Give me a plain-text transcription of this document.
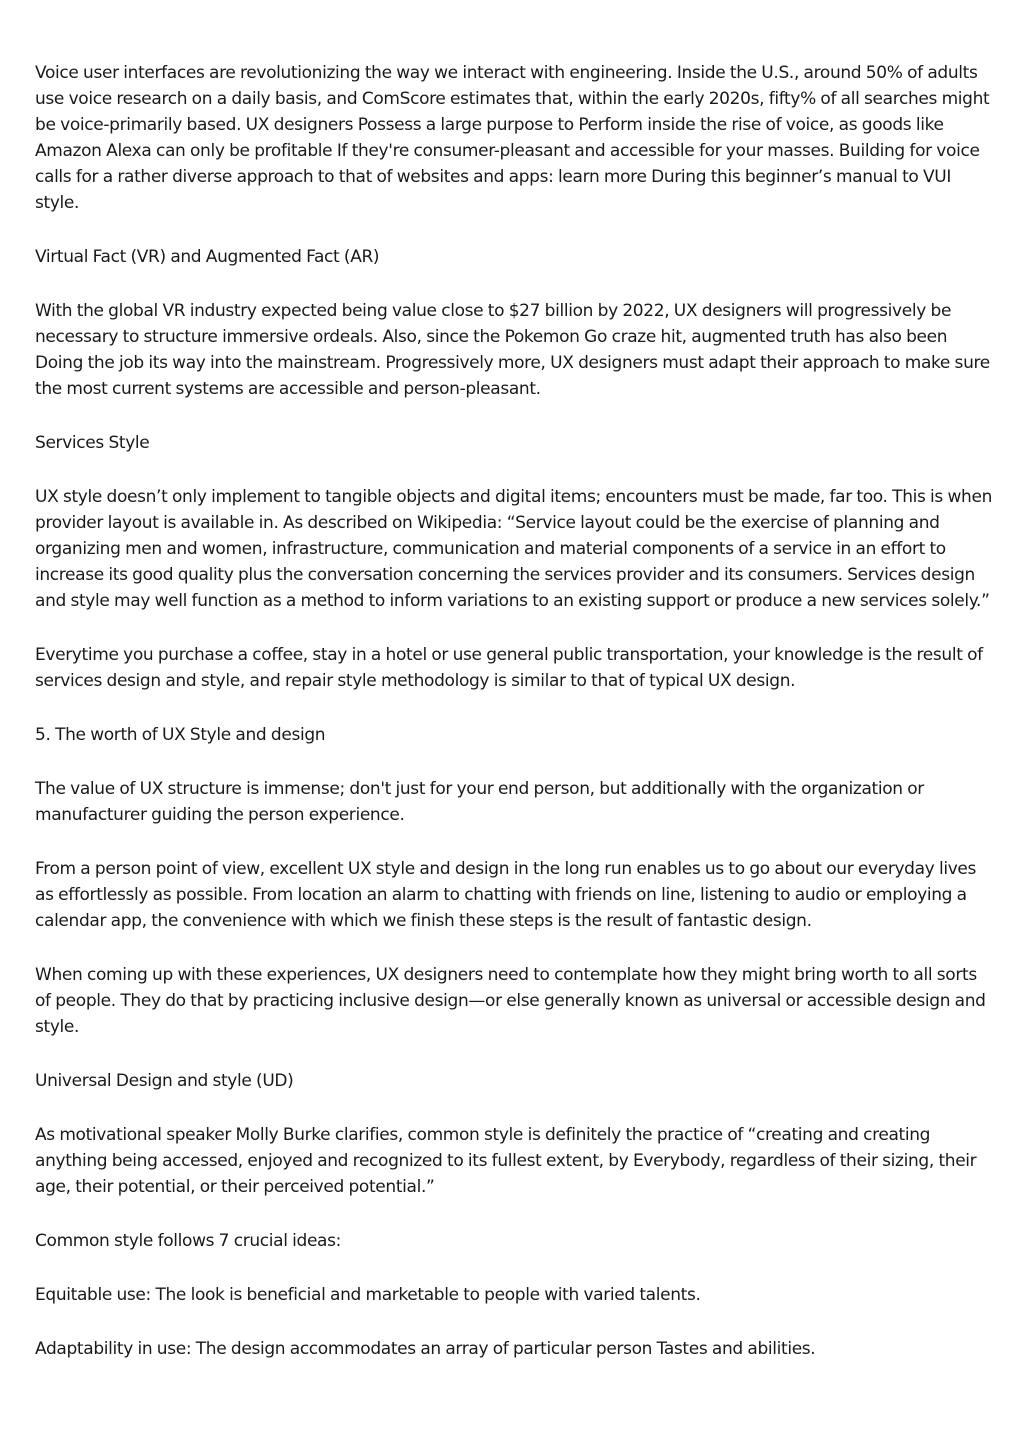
Voice user interfaces are revolutionizing the way we interact with engineering. Inside the U.S., around 50% of adults use voice research on a daily basis, and ComScore estimates that, within the early 2020s, fifty% of all searches might be voice-primarily based. UX designers Possess a large purpose to Perform inside the rise of voice, as goods like Amazon Alexa can only be profitable If they're consumer-pleasant and accessible for your masses. Building for voice calls for a rather diverse approach to that of websites and apps: learn more During this beginner’s manual to VUI style.

Virtual Fact (VR) and Augmented Fact (AR)

With the global VR industry expected being value close to $27 billion by 2022, UX designers will progressively be necessary to structure immersive ordeals. Also, since the Pokemon Go craze hit, augmented truth has also been Doing the job its way into the mainstream. Progressively more, UX designers must adapt their approach to make sure the most current systems are accessible and person-pleasant.

Services Style

UX style doesn’t only implement to tangible objects and digital items; encounters must be made, far too. This is when provider layout is available in. As described on Wikipedia: “Service layout could be the exercise of planning and organizing men and women, infrastructure, communication and material components of a service in an effort to increase its good quality plus the conversation concerning the services provider and its consumers. Services design and style may well function as a method to inform variations to an existing support or produce a new services solely.”

Everytime you purchase a coffee, stay in a hotel or use general public transportation, your knowledge is the result of services design and style, and repair style methodology is similar to that of typical UX design.

5. The worth of UX Style and design

The value of UX structure is immense; don't just for your end person, but additionally with the organization or manufacturer guiding the person experience.

From a person point of view, excellent UX style and design in the long run enables us to go about our everyday lives as effortlessly as possible. From location an alarm to chatting with friends on line, listening to audio or employing a calendar app, the convenience with which we finish these steps is the result of fantastic design.

When coming up with these experiences, UX designers need to contemplate how they might bring worth to all sorts of people. They do that by practicing inclusive design—or else generally known as universal or accessible design and style.

Universal Design and style (UD)

As motivational speaker Molly Burke clarifies, common style is definitely the practice of “creating and creating anything being accessed, enjoyed and recognized to its fullest extent, by Everybody, regardless of their sizing, their age, their potential, or their perceived potential.”

Common style follows 7 crucial ideas:

Equitable use: The look is beneficial and marketable to people with varied talents.

Adaptability in use: The design accommodates an array of particular person Tastes and abilities.
